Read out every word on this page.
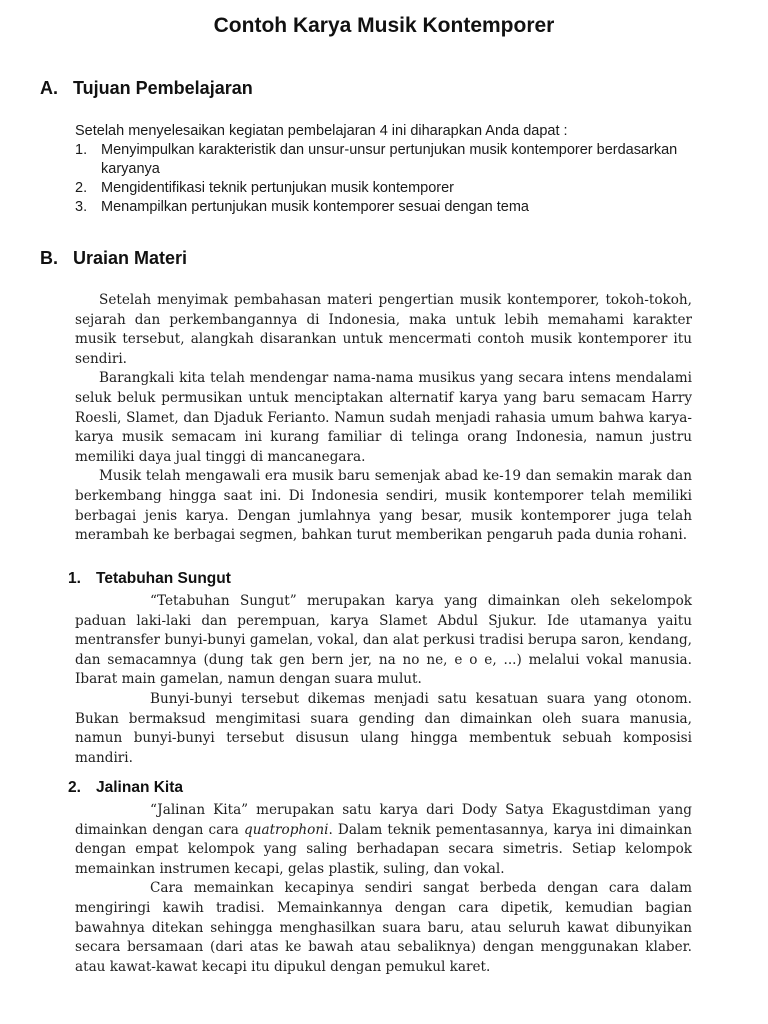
Contoh Karya Musik Kontemporer
A. Tujuan Pembelajaran

Setelah menyelesaikan kegiatan pembelajaran 4 ini diharapkan Anda dapat :

1. Menyimpulkan karakteristik dan unsur-unsur pertunjukan musik kontemporer berdasarkan karyanya
2. Mengidentifikasi teknik pertunjukan musik kontemporer
3. Menampilkan pertunjukan musik kontemporer sesuai dengan tema
B. Uraian Materi

Setelah menyimak pembahasan materi pengertian musik kontemporer, tokoh-tokoh, sejarah dan perkembangannya di Indonesia, maka untuk lebih memahami karakter musik tersebut, alangkah disarankan untuk mencermati contoh musik kontemporer itu sendiri.

Barangkali kita telah mendengar nama-nama musikus yang secara intens mendalami seluk beluk permusikan untuk menciptakan alternatif karya yang baru semacam Harry Roesli, Slamet, dan Djaduk Ferianto. Namun sudah menjadi rahasia umum bahwa karya-karya musik semacam ini kurang familiar di telinga orang Indonesia, namun justru memiliki daya jual tinggi di mancanegara.

Musik telah mengawali era musik baru semenjak abad ke-19 dan semakin marak dan berkembang hingga saat ini. Di Indonesia sendiri, musik kontemporer telah memiliki berbagai jenis karya. Dengan jumlahnya yang besar, musik kontemporer juga telah merambah ke berbagai segmen, bahkan turut memberikan pengaruh pada dunia rohani.

1. Tetabuhan Sungut

“Tetabuhan Sungut” merupakan karya yang dimainkan oleh sekelompok paduan laki-laki dan perempuan, karya Slamet Abdul Sjukur. Ide utamanya yaitu mentransfer bunyi-bunyi gamelan, vokal, dan alat perkusi tradisi berupa saron, kendang, dan semacamnya (dung tak gen bern jer, na no ne, e o e, ...) melalui vokal manusia. Ibarat main gamelan, namun dengan suara mulut.

Bunyi-bunyi tersebut dikemas menjadi satu kesatuan suara yang otonom. Bukan bermaksud mengimitasi suara gending dan dimainkan oleh suara manusia, namun bunyi-bunyi tersebut disusun ulang hingga membentuk sebuah komposisi mandiri.

2. Jalinan Kita

“Jalinan Kita” merupakan satu karya dari Dody Satya Ekagustdiman yang dimainkan dengan cara quatrophoni. Dalam teknik pementasannya, karya ini dimainkan dengan empat kelompok yang saling berhadapan secara simetris. Setiap kelompok memainkan instrumen kecapi, gelas plastik, suling, dan vokal.

Cara memainkan kecapinya sendiri sangat berbeda dengan cara dalam mengiringi kawih tradisi. Memainkannya dengan cara dipetik, kemudian bagian bawahnya ditekan sehingga menghasilkan suara baru, atau seluruh kawat dibunyikan secara bersamaan (dari atas ke bawah atau sebaliknya) dengan menggunakan klaber. atau kawat-kawat kecapi itu dipukul dengan pemukul karet.
